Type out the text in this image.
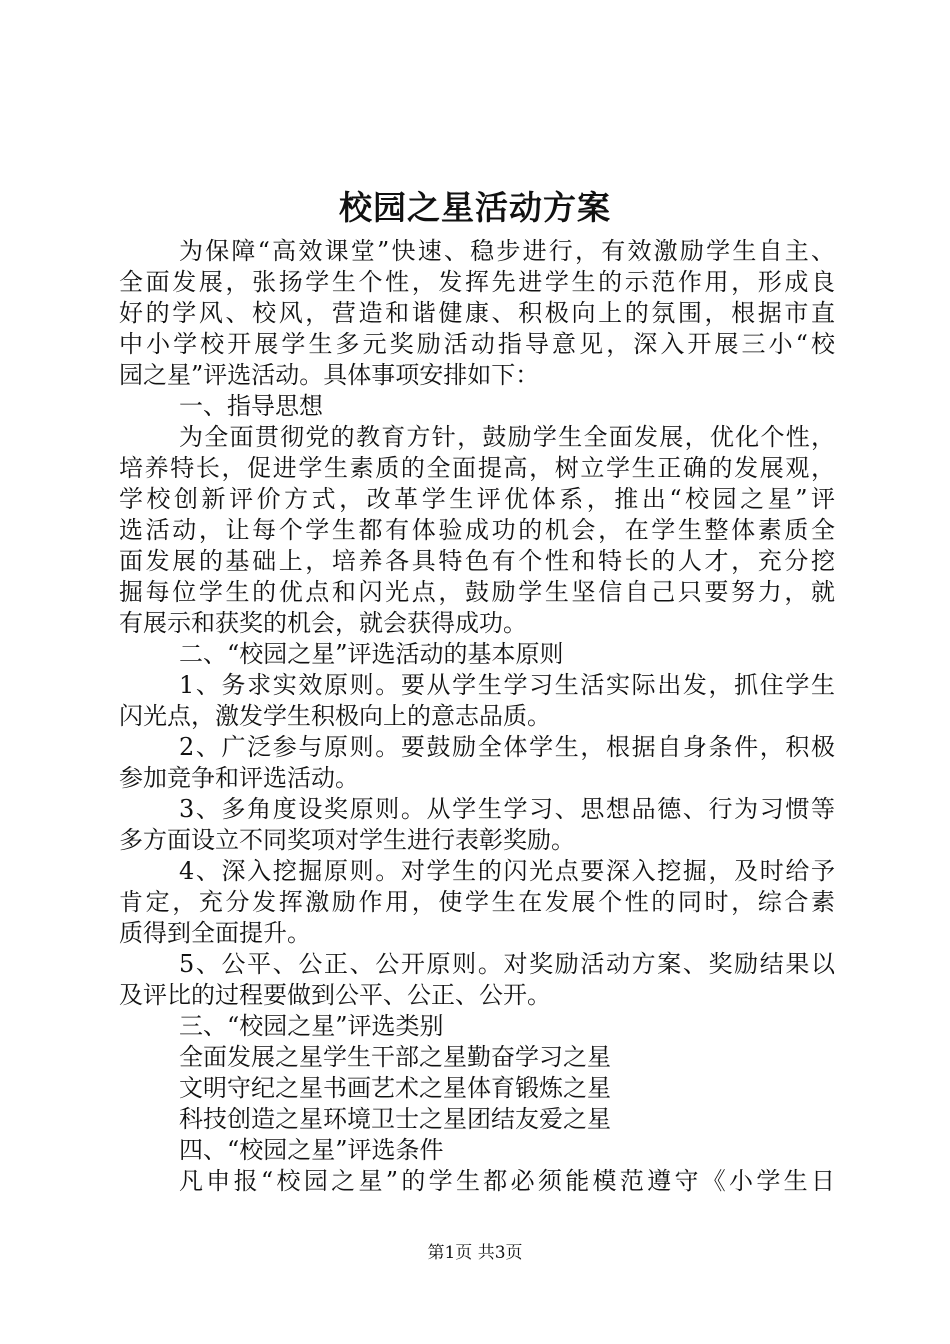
校园之星活动方案
为保障“高效课堂”快速、稳步进行，有效激励学生自主、
全面发展，张扬学生个性，发挥先进学生的示范作用，形成良
好的学风、校风，营造和谐健康、积极向上的氛围，根据市直
中小学校开展学生多元奖励活动指导意见，深入开展三小“校
园之星”评选活动。具体事项安排如下：
一、指导思想
为全面贯彻党的教育方针，鼓励学生全面发展，优化个性，
培养特长，促进学生素质的全面提高，树立学生正确的发展观，
学校创新评价方式，改革学生评优体系，推出“校园之星”评
选活动，让每个学生都有体验成功的机会，在学生整体素质全
面发展的基础上，培养各具特色有个性和特长的人才，充分挖
掘每位学生的优点和闪光点，鼓励学生坚信自己只要努力，就
有展示和获奖的机会，就会获得成功。
二、“校园之星”评选活动的基本原则
1、务求实效原则。要从学生学习生活实际出发，抓住学生
闪光点，激发学生积极向上的意志品质。
2、广泛参与原则。要鼓励全体学生，根据自身条件，积极
参加竞争和评选活动。
3、多角度设奖原则。从学生学习、思想品德、行为习惯等
多方面设立不同奖项对学生进行表彰奖励。
4、深入挖掘原则。对学生的闪光点要深入挖掘，及时给予
肯定，充分发挥激励作用，使学生在发展个性的同时，综合素
质得到全面提升。
5、公平、公正、公开原则。对奖励活动方案、奖励结果以
及评比的过程要做到公平、公正、公开。
三、“校园之星”评选类别
全面发展之星学生干部之星勤奋学习之星
文明守纪之星书画艺术之星体育锻炼之星
科技创造之星环境卫士之星团结友爱之星
四、“校园之星”评选条件
凡申报“校园之星”的学生都必须能模范遵守《小学生日
第1页 共3页
